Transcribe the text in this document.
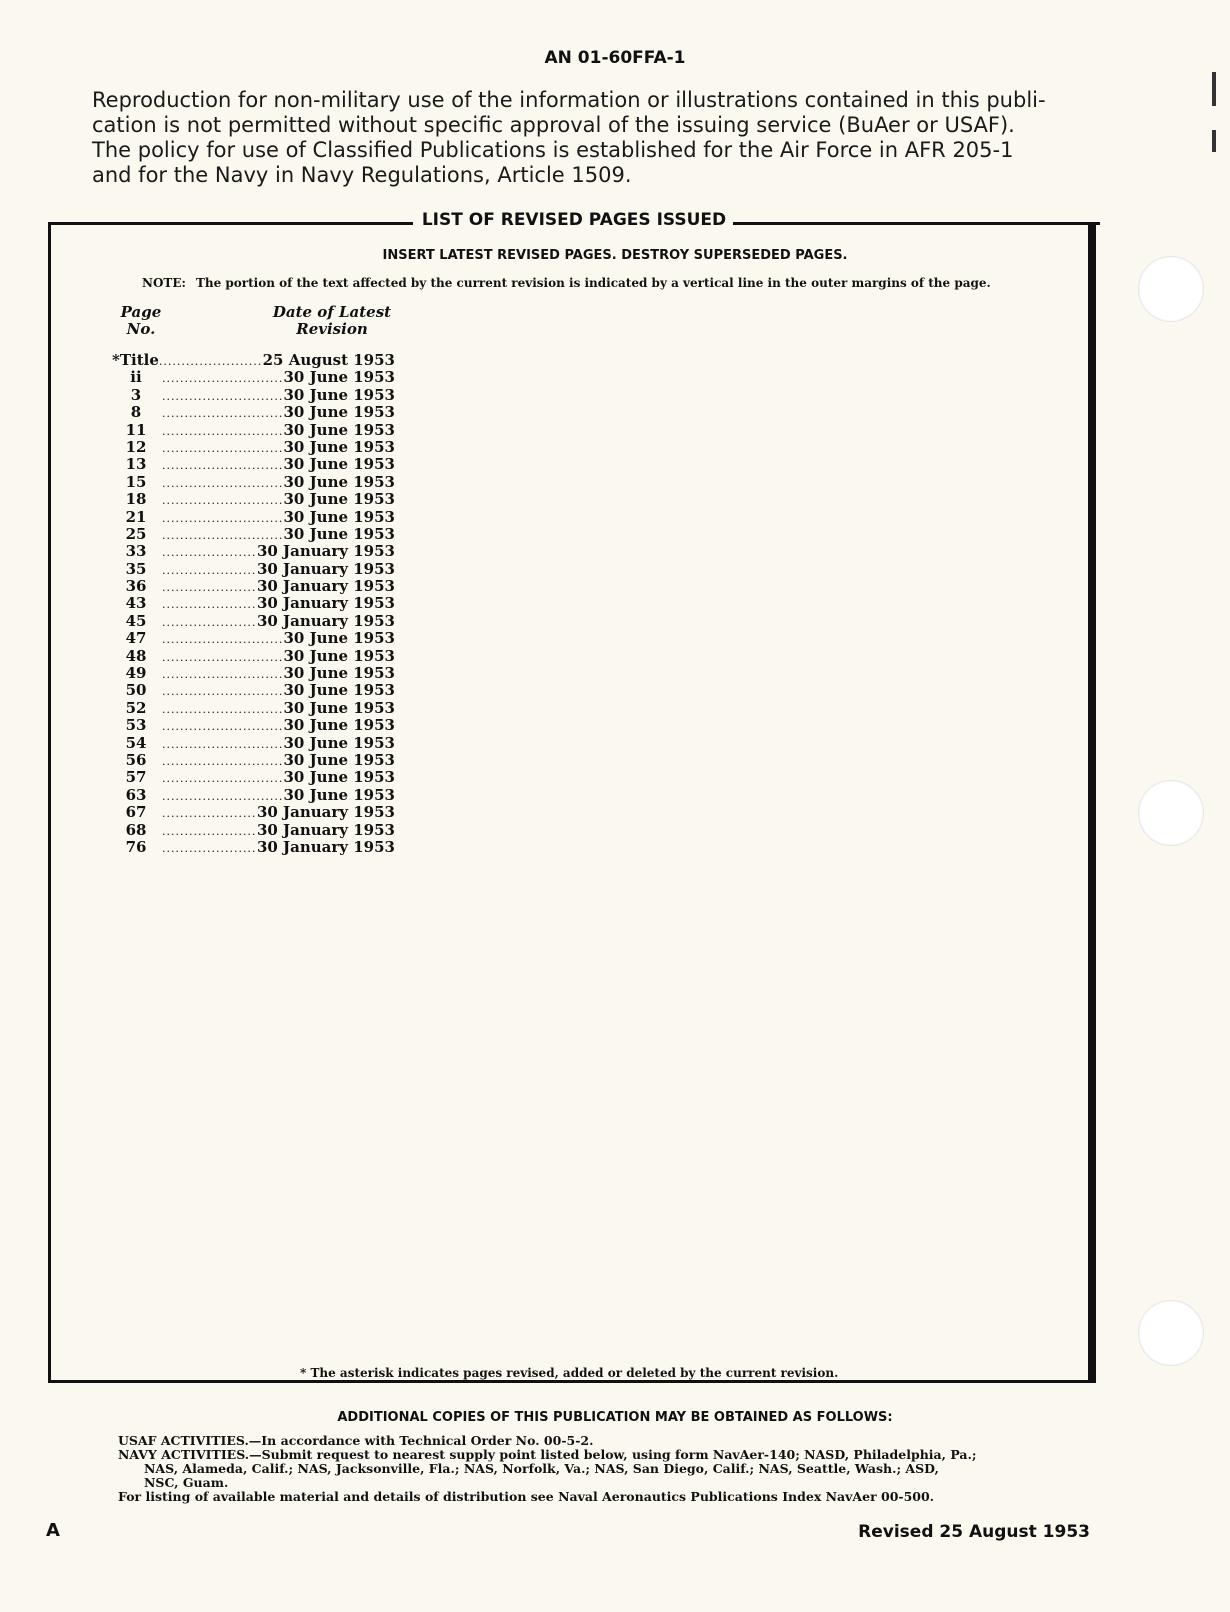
AN 01-60FFA-1
Reproduction for non-military use of the information or illustrations contained in this publi-
cation is not permitted without specific approval of the issuing service (BuAer or USAF).
The policy for use of Classified Publications is established for the Air Force in AFR 205-1
and for the Navy in Navy Regulations, Article 1509.
LIST OF REVISED PAGES ISSUED
INSERT LATEST REVISED PAGES. DESTROY SUPERSEDED PAGES.
NOTE: The portion of the text affected by the current revision is indicated by a vertical line in the outer margins of the page.
Page
No.
Date of Latest
Revision
*Title .....	25 August 1953
ii .....	30 June 1953
3 .....	30 June 1953
8 .....	30 June 1953
11 .....	30 June 1953
12 .....	30 June 1953
13 .....	30 June 1953
15 .....	30 June 1953
18 .....	30 June 1953
21 .....	30 June 1953
25 .....	30 June 1953
33 .....	30 January 1953
35 .....	30 January 1953
36 .....	30 January 1953
43 .....	30 January 1953
45 .....	30 January 1953
47 .....	30 June 1953
48 .....	30 June 1953
49 .....	30 June 1953
50 .....	30 June 1953
52 .....	30 June 1953
53 .....	30 June 1953
54 .....	30 June 1953
56 .....	30 June 1953
57 .....	30 June 1953
63 .....	30 June 1953
67 .....	30 January 1953
68 .....	30 January 1953
76 .....	30 January 1953
* The asterisk indicates pages revised, added or deleted by the current revision.
ADDITIONAL COPIES OF THIS PUBLICATION MAY BE OBTAINED AS FOLLOWS:
USAF ACTIVITIES.—In accordance with Technical Order No. 00-5-2.
NAVY ACTIVITIES.—Submit request to nearest supply point listed below, using form NavAer-140; NASD, Philadelphia, Pa.;
NAS, Alameda, Calif.; NAS, Jacksonville, Fla.; NAS, Norfolk, Va.; NAS, San Diego, Calif.; NAS, Seattle, Wash.; ASD,
NSC, Guam.
For listing of available material and details of distribution see Naval Aeronautics Publications Index NavAer 00-500.
A	Revised 25 August 1953
